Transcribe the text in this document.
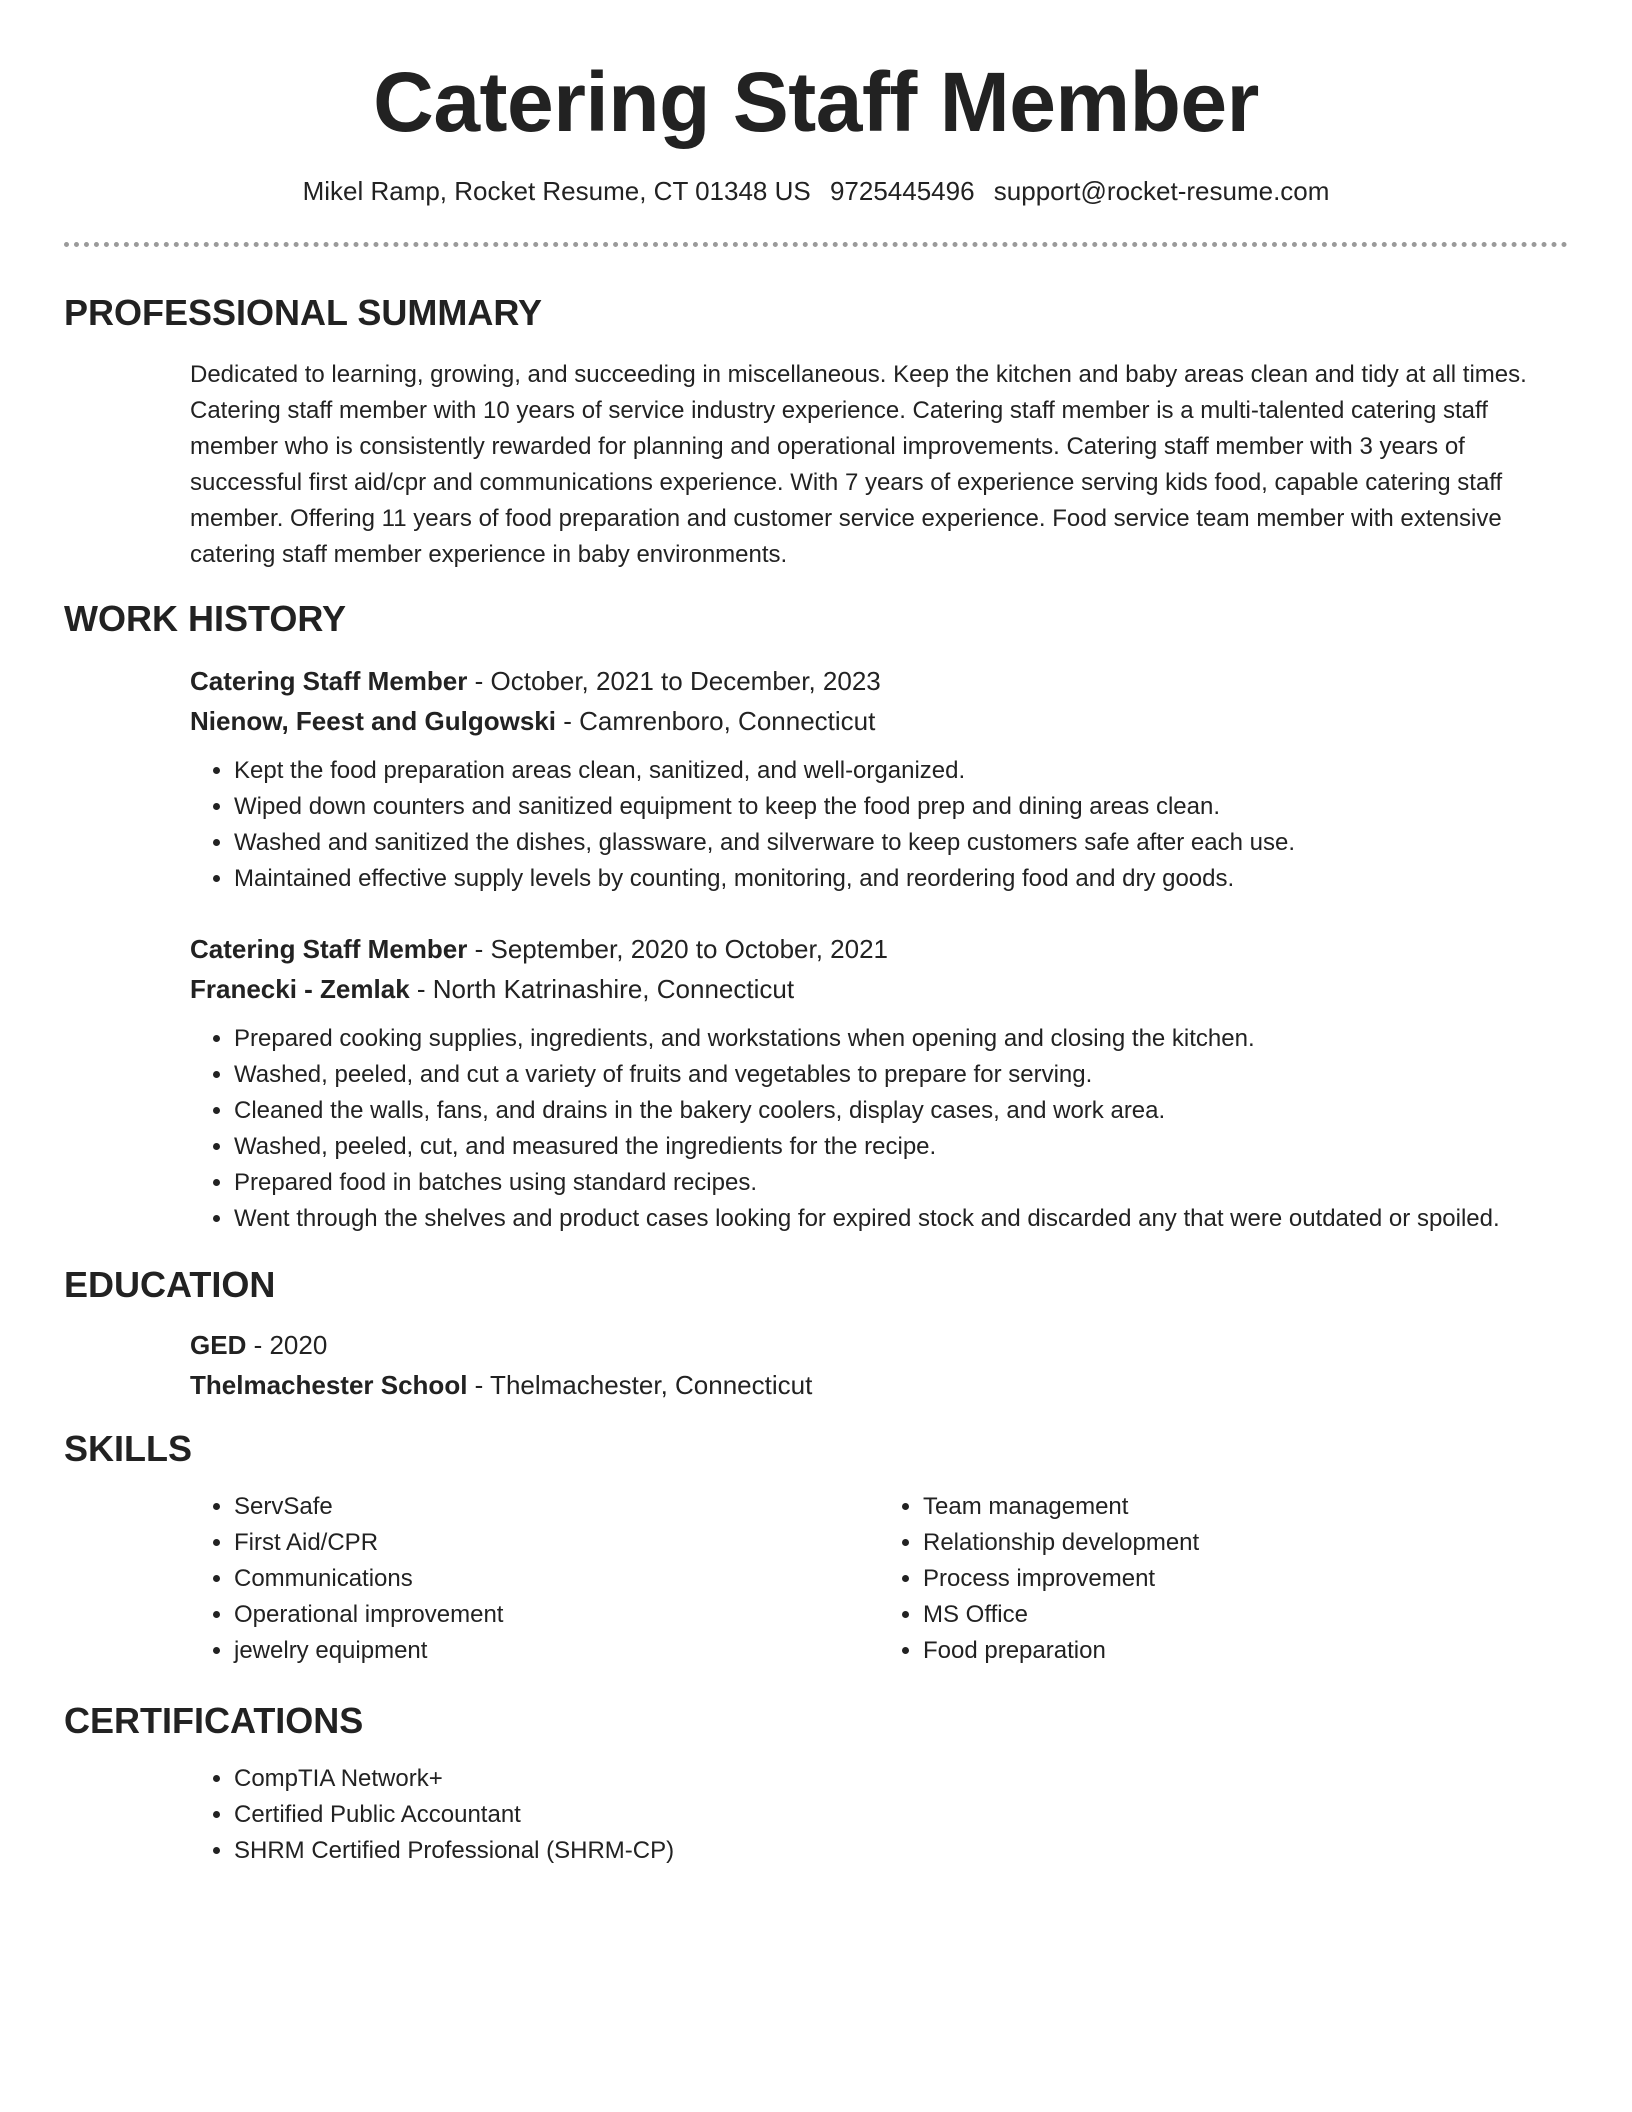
Catering Staff Member
Mikel Ramp, Rocket Resume, CT 01348 US 9725445496 support@rocket-resume.com
PROFESSIONAL SUMMARY

Dedicated to learning, growing, and succeeding in miscellaneous. Keep the kitchen and baby areas clean and tidy at all times. Catering staff member with 10 years of service industry experience. Catering staff member is a multi-talented catering staff member who is consistently rewarded for planning and operational improvements. Catering staff member with 3 years of successful first aid/cpr and communications experience. With 7 years of experience serving kids food, capable catering staff member. Offering 11 years of food preparation and customer service experience. Food service team member with extensive catering staff member experience in baby environments.

WORK HISTORY

Catering Staff Member - October, 2021 to December, 2023

Nienow, Feest and Gulgowski - Camrenboro, Connecticut

• Kept the food preparation areas clean, sanitized, and well-organized.
• Wiped down counters and sanitized equipment to keep the food prep and dining areas clean.
• Washed and sanitized the dishes, glassware, and silverware to keep customers safe after each use.
• Maintained effective supply levels by counting, monitoring, and reordering food and dry goods.

Catering Staff Member - September, 2020 to October, 2021

Franecki - Zemlak - North Katrinashire, Connecticut

• Prepared cooking supplies, ingredients, and workstations when opening and closing the kitchen.
• Washed, peeled, and cut a variety of fruits and vegetables to prepare for serving.
• Cleaned the walls, fans, and drains in the bakery coolers, display cases, and work area.
• Washed, peeled, cut, and measured the ingredients for the recipe.
• Prepared food in batches using standard recipes.
• Went through the shelves and product cases looking for expired stock and discarded any that were outdated or spoiled.
EDUCATION

GED - 2020

Thelmachester School - Thelmachester, Connecticut

SKILLS
• ServSafe
• First Aid/CPR
• Communications
• Operational improvement
• jewelry equipment
• Team management
• Relationship development
• Process improvement
• MS Office
• Food preparation
CERTIFICATIONS
• CompTIA Network+
• Certified Public Accountant
• SHRM Certified Professional (SHRM-CP)
